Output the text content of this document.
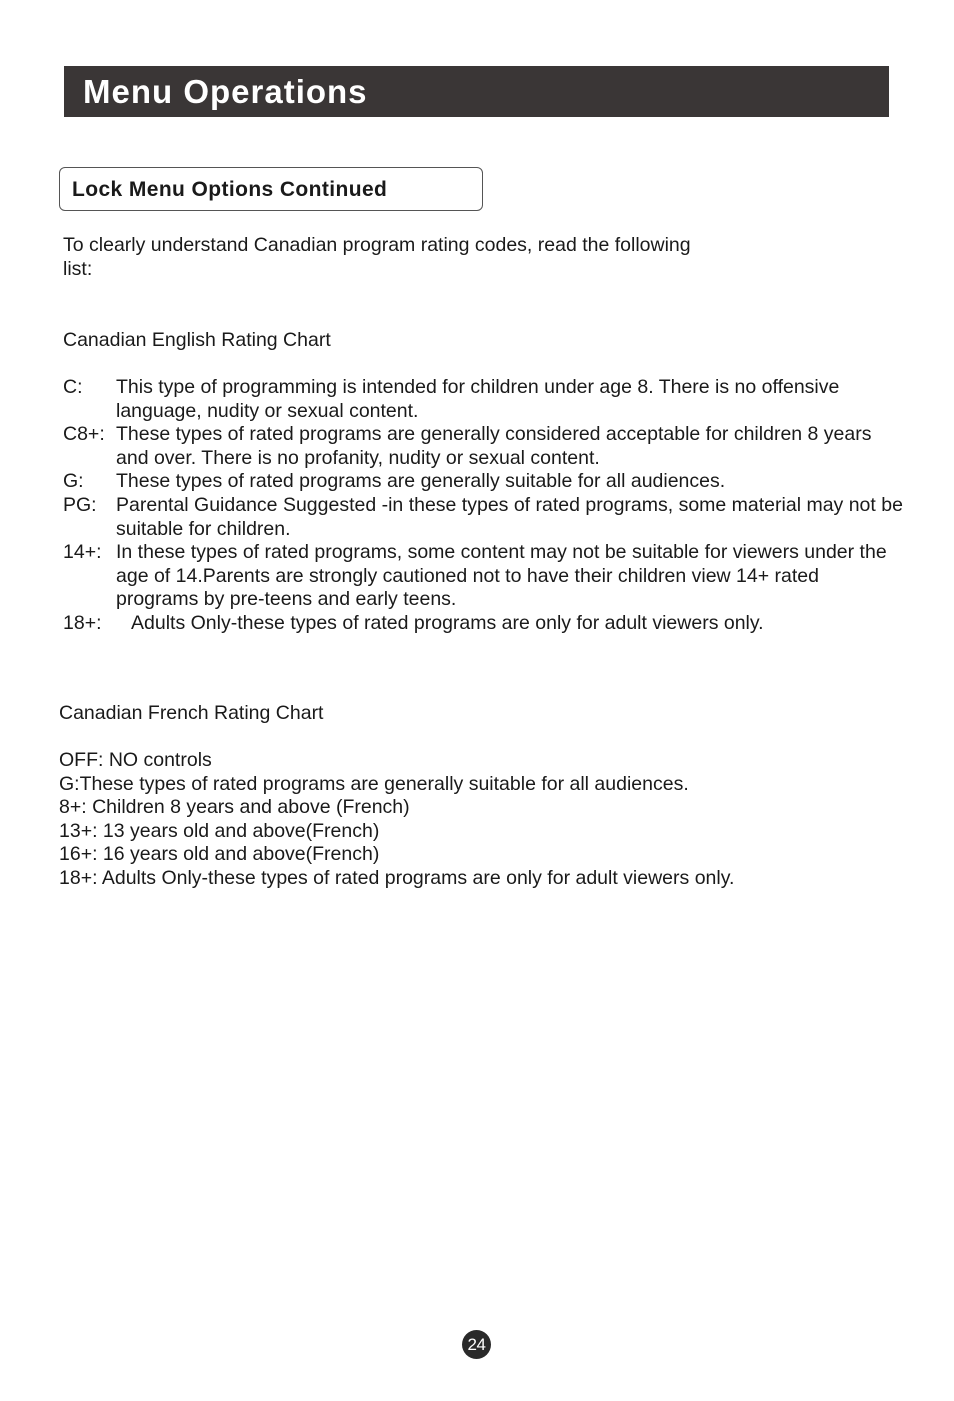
Menu Operations
Lock Menu Options Continued
To clearly understand Canadian program rating codes, read the following list:
Canadian English Rating Chart
C: This type of programming is intended for children under age 8. There is no offensive language, nudity or sexual content.
C8+: These types of rated programs are generally considered acceptable for children 8 years and over. There is no profanity, nudity or sexual content.
G: These types of rated programs are generally suitable for all audiences.
PG: Parental Guidance Suggested -in these types of rated programs, some material may not be suitable for children.
14+: In these types of rated programs, some content may not be suitable for viewers under the age of 14.Parents are strongly cautioned not to have their children view 14+ rated programs by pre-teens and early teens.
18+: Adults Only-these types of rated programs are only for adult viewers only.
Canadian French Rating Chart
OFF: NO controls
G:These types of rated programs are generally suitable for all audiences.
8+: Children 8 years and above (French)
13+: 13 years old and above(French)
16+: 16 years old and above(French)
18+: Adults Only-these types of rated programs are only for adult viewers only.
24
